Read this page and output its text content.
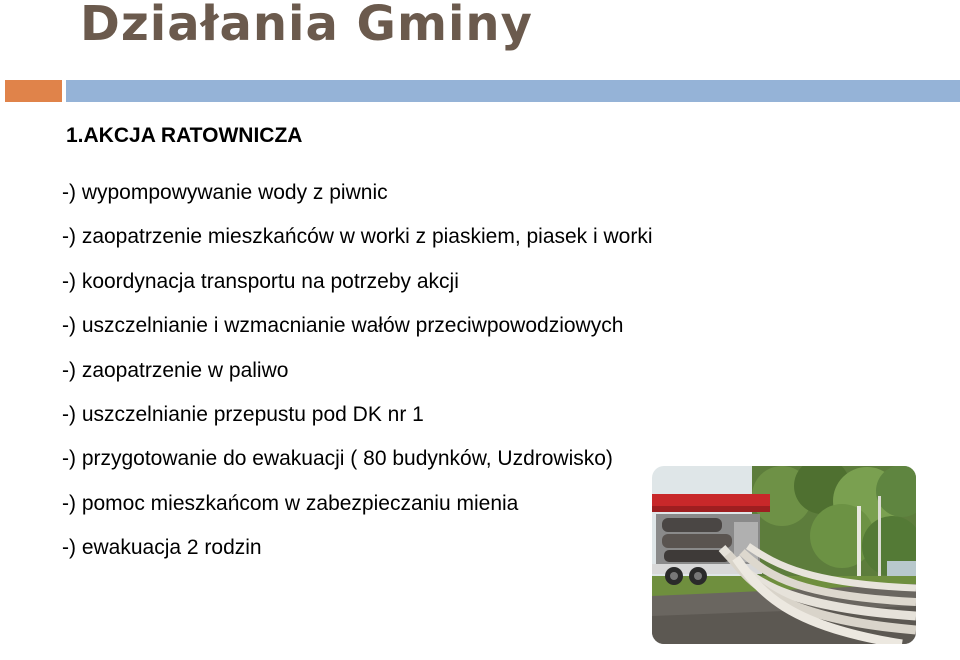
Działania Gminy
1.AKCJA RATOWNICZA
-) wypompowywanie wody z piwnic
-) zaopatrzenie mieszkańców w worki z piaskiem, piasek i worki
-) koordynacja transportu na potrzeby akcji
-) uszczelnianie i wzmacnianie wałów przeciwpowodziowych
-) zaopatrzenie w paliwo
-) uszczelnianie przepustu pod DK nr 1
-) przygotowanie do ewakuacji ( 80 budynków, Uzdrowisko)
-) pomoc mieszkańcom w zabezpieczaniu mienia
-) ewakuacja 2 rodzin
